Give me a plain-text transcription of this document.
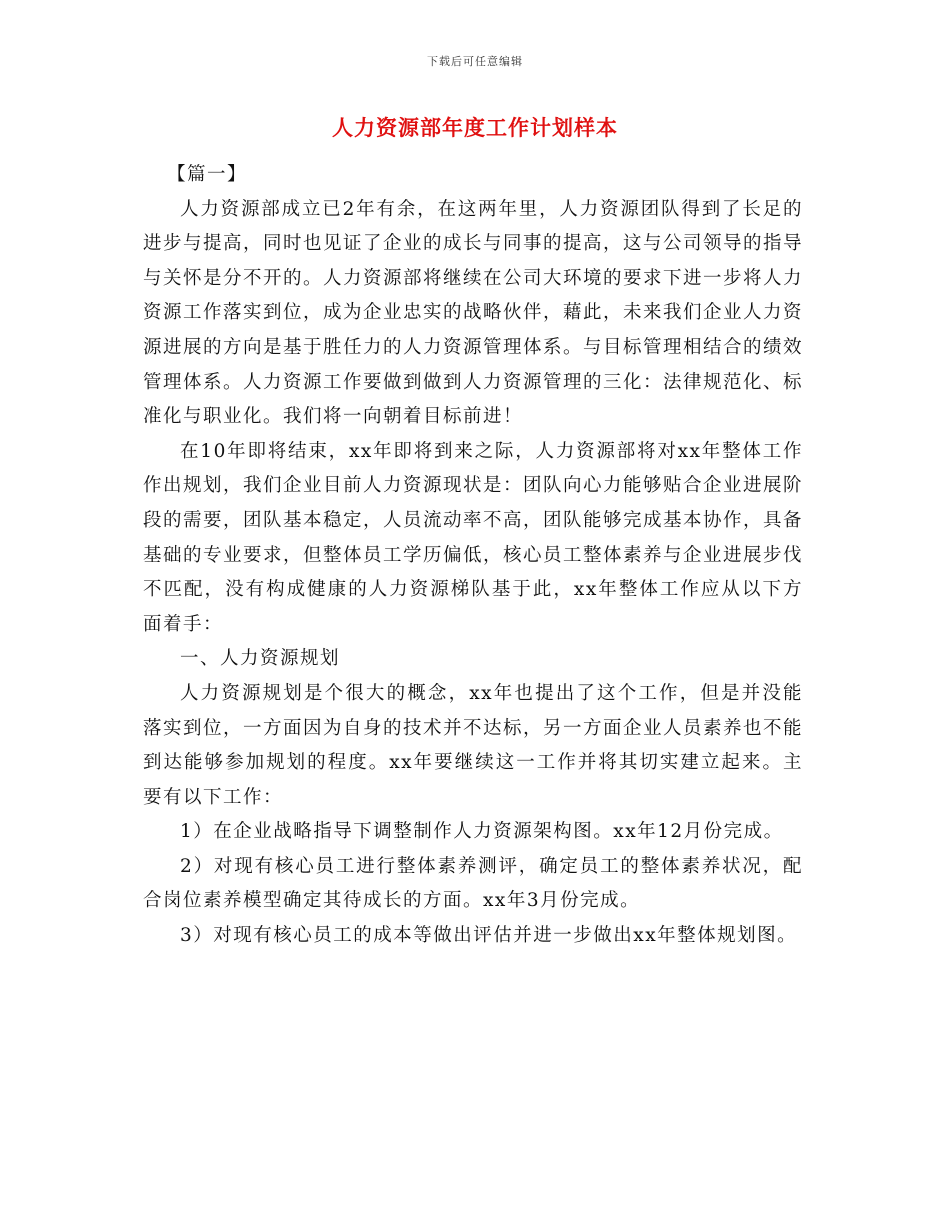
下载后可任意编辑
人力资源部年度工作计划样本

【篇一】

人力资源部成立已2年有余，在这两年里，人力资源团队得到了长足的进步与提高，同时也见证了企业的成长与同事的提高，这与公司领导的指导与关怀是分不开的。人力资源部将继续在公司大环境的要求下进一步将人力资源工作落实到位，成为企业忠实的战略伙伴，藉此，未来我们企业人力资源进展的方向是基于胜任力的人力资源管理体系。与目标管理相结合的绩效管理体系。人力资源工作要做到做到人力资源管理的三化：法律规范化、标准化与职业化。我们将一向朝着目标前进！

在10年即将结束，xx年即将到来之际，人力资源部将对xx年整体工作作出规划，我们企业目前人力资源现状是：团队向心力能够贴合企业进展阶段的需要，团队基本稳定，人员流动率不高，团队能够完成基本协作，具备基础的专业要求，但整体员工学历偏低，核心员工整体素养与企业进展步伐不匹配，没有构成健康的人力资源梯队基于此，xx年整体工作应从以下方面着手：

一、人力资源规划

人力资源规划是个很大的概念，xx年也提出了这个工作，但是并没能落实到位，一方面因为自身的技术并不达标，另一方面企业人员素养也不能到达能够参加规划的程度。xx年要继续这一工作并将其切实建立起来。主要有以下工作：

1）在企业战略指导下调整制作人力资源架构图。xx年12月份完成。

2）对现有核心员工进行整体素养测评，确定员工的整体素养状况，配合岗位素养模型确定其待成长的方面。xx年3月份完成。

3）对现有核心员工的成本等做出评估并进一步做出xx年整体规划图。
